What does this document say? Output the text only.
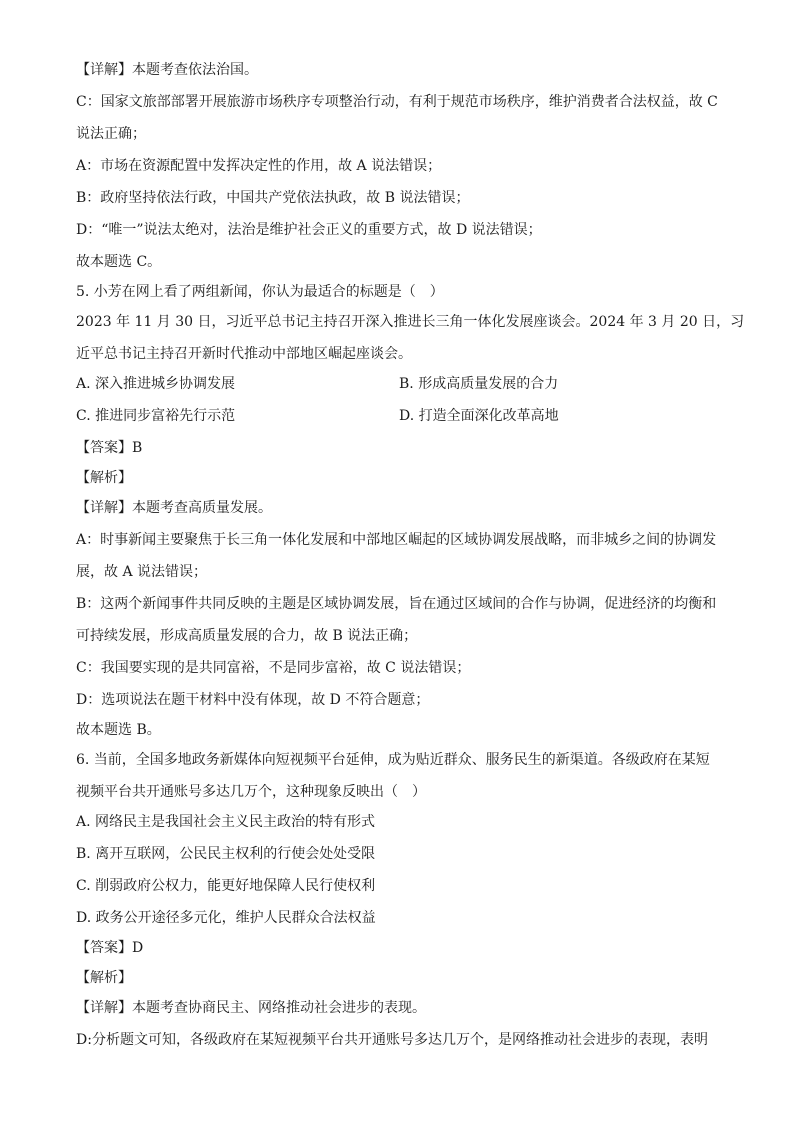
【详解】本题考查依法治国。
C：国家文旅部部署开展旅游市场秩序专项整治行动，有利于规范市场秩序，维护消费者合法权益，故 C
说法正确；
A：市场在资源配置中发挥决定性的作用，故 A 说法错误；
B：政府坚持依法行政，中国共产党依法执政，故 B 说法错误；
D：“唯一”说法太绝对，法治是维护社会正义的重要方式，故 D 说法错误；
故本题选 C。
5. 小芳在网上看了两组新闻，你认为最适合的标题是（　）
2023 年 11 月 30 日，习近平总书记主持召开深入推进长三角一体化发展座谈会。2024 年 3 月 20 日，习
近平总书记主持召开新时代推动中部地区崛起座谈会。
A. 深入推进城乡协调发展	B. 形成高质量发展的合力
C. 推进同步富裕先行示范	D. 打造全面深化改革高地
【答案】B
【解析】
【详解】本题考查高质量发展。
A：时事新闻主要聚焦于长三角一体化发展和中部地区崛起的区域协调发展战略，而非城乡之间的协调发
展，故 A 说法错误；
B：这两个新闻事件共同反映的主题是区域协调发展，旨在通过区域间的合作与协调，促进经济的均衡和
可持续发展，形成高质量发展的合力，故 B 说法正确；
C：我国要实现的是共同富裕，不是同步富裕，故 C 说法错误；
D：选项说法在题干材料中没有体现，故 D 不符合题意；
故本题选 B。
6. 当前，全国多地政务新媒体向短视频平台延伸，成为贴近群众、服务民生的新渠道。各级政府在某短
视频平台共开通账号多达几万个，这种现象反映出（　）
A. 网络民主是我国社会主义民主政治的特有形式
B. 离开互联网，公民民主权利的行使会处处受限
C. 削弱政府公权力，能更好地保障人民行使权利
D. 政务公开途径多元化，维护人民群众合法权益
【答案】D
【解析】
【详解】本题考查协商民主、网络推动社会进步的表现。
D:分析题文可知，各级政府在某短视频平台共开通账号多达几万个，是网络推动社会进步的表现，表明
